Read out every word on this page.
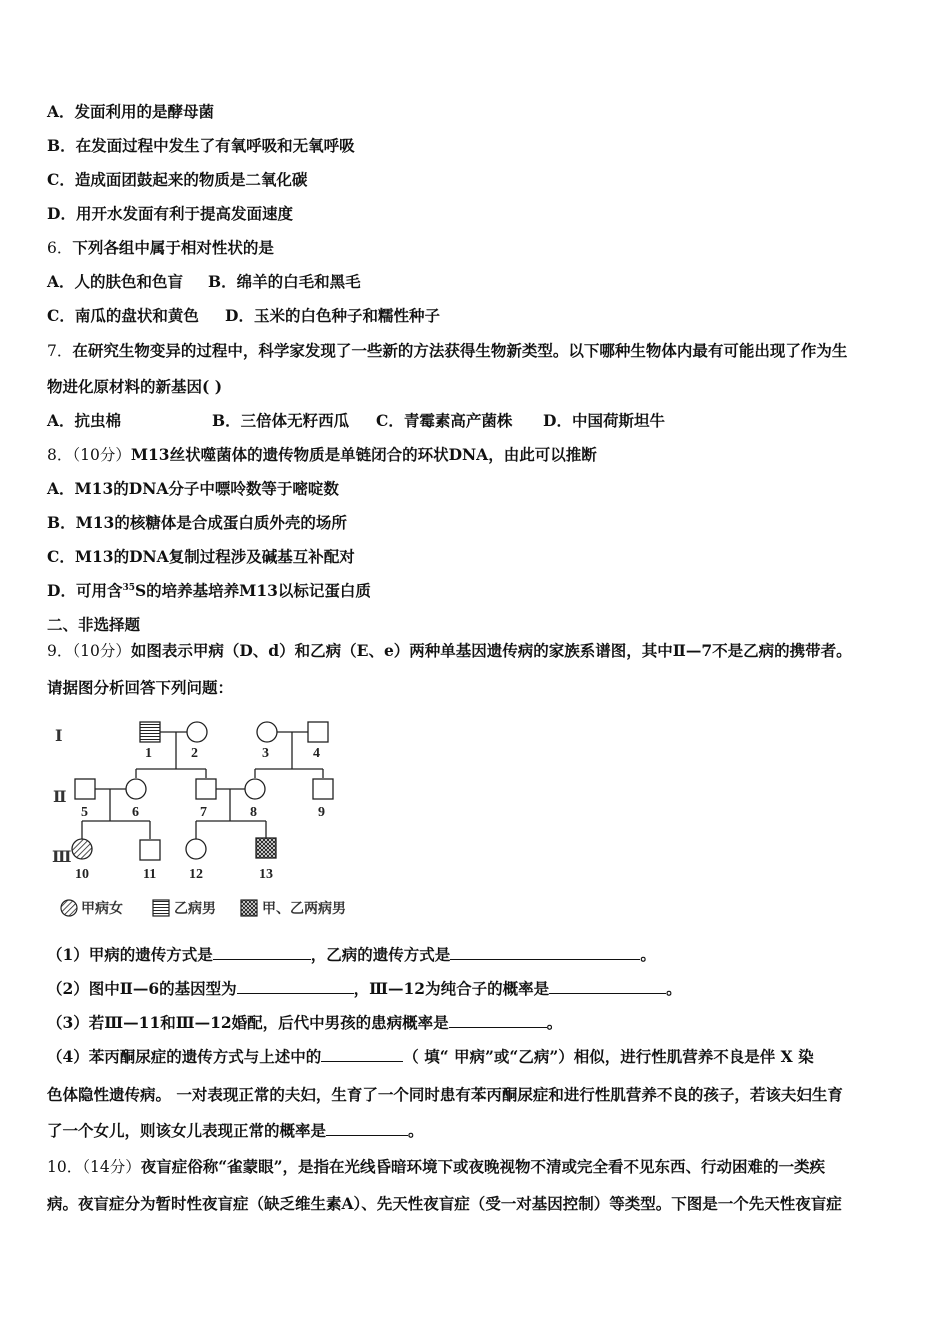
A．发面利用的是酵母菌
B．在发面过程中发生了有氧呼吸和无氧呼吸
C．造成面团鼓起来的物质是二氧化碳
D．用开水发面有利于提高发面速度
6．下列各组中属于相对性状的是
A．人的肤色和色盲 B．绵羊的白毛和黑毛
C．南瓜的盘状和黄色 D．玉米的白色种子和糯性种子
7．在研究生物变异的过程中，科学家发现了一些新的方法获得生物新类型。以下哪种生物体内最有可能出现了作为生
物进化原材料的新基因( )
A．抗虫棉	B．三倍体无籽西瓜 C．青霉素高产菌株 D．中国荷斯坦牛
8．（10分）M13丝状噬菌体的遗传物质是单链闭合的环状DNA，由此可以推断
A．M13的DNA分子中嘌呤数等于嘧啶数
B．M13的核糖体是合成蛋白质外壳的场所
C．M13的DNA复制过程涉及碱基互补配对
D．可用含$^{35}$S的培养基培养M13以标记蛋白质
二、非选择题
9．（10分）如图表示甲病（D、d）和乙病（E、e）两种单基因遗传病的家族系谱图，其中Ⅱ—7不是乙病的携带者。
请据图分析回答下列问题：
Ⅰ
Ⅱ
Ⅲ
1	2	3	4
5	6	7	8	9
10	11 12	13
甲病女	乙病男	甲、乙两病男
（1）甲病的遗传方式是	，乙病的遗传方式是	。
（2）图中Ⅱ—6的基因型为	，Ⅲ—12为纯合子的概率是	。
（3）若Ⅲ—11和Ⅲ—12婚配，后代中男孩的患病概率是	。
（4）苯丙酮尿症的遗传方式与上述中的	（ 填“ 甲病”或“乙病”）相似，进行性肌营养不良是伴 X 染
色体隐性遗传病。 一对表现正常的夫妇，生育了一个同时患有苯丙酮尿症和进行性肌营养不良的孩子，若该夫妇生育
了一个女儿，则该女儿表现正常的概率是	。
10．（14分）夜盲症俗称“雀蒙眼”，是指在光线昏暗环境下或夜晚视物不清或完全看不见东西、行动困难的一类疾
病。夜盲症分为暂时性夜盲症（缺乏维生素A）、先天性夜盲症（受一对基因控制）等类型。下图是一个先天性夜盲症
